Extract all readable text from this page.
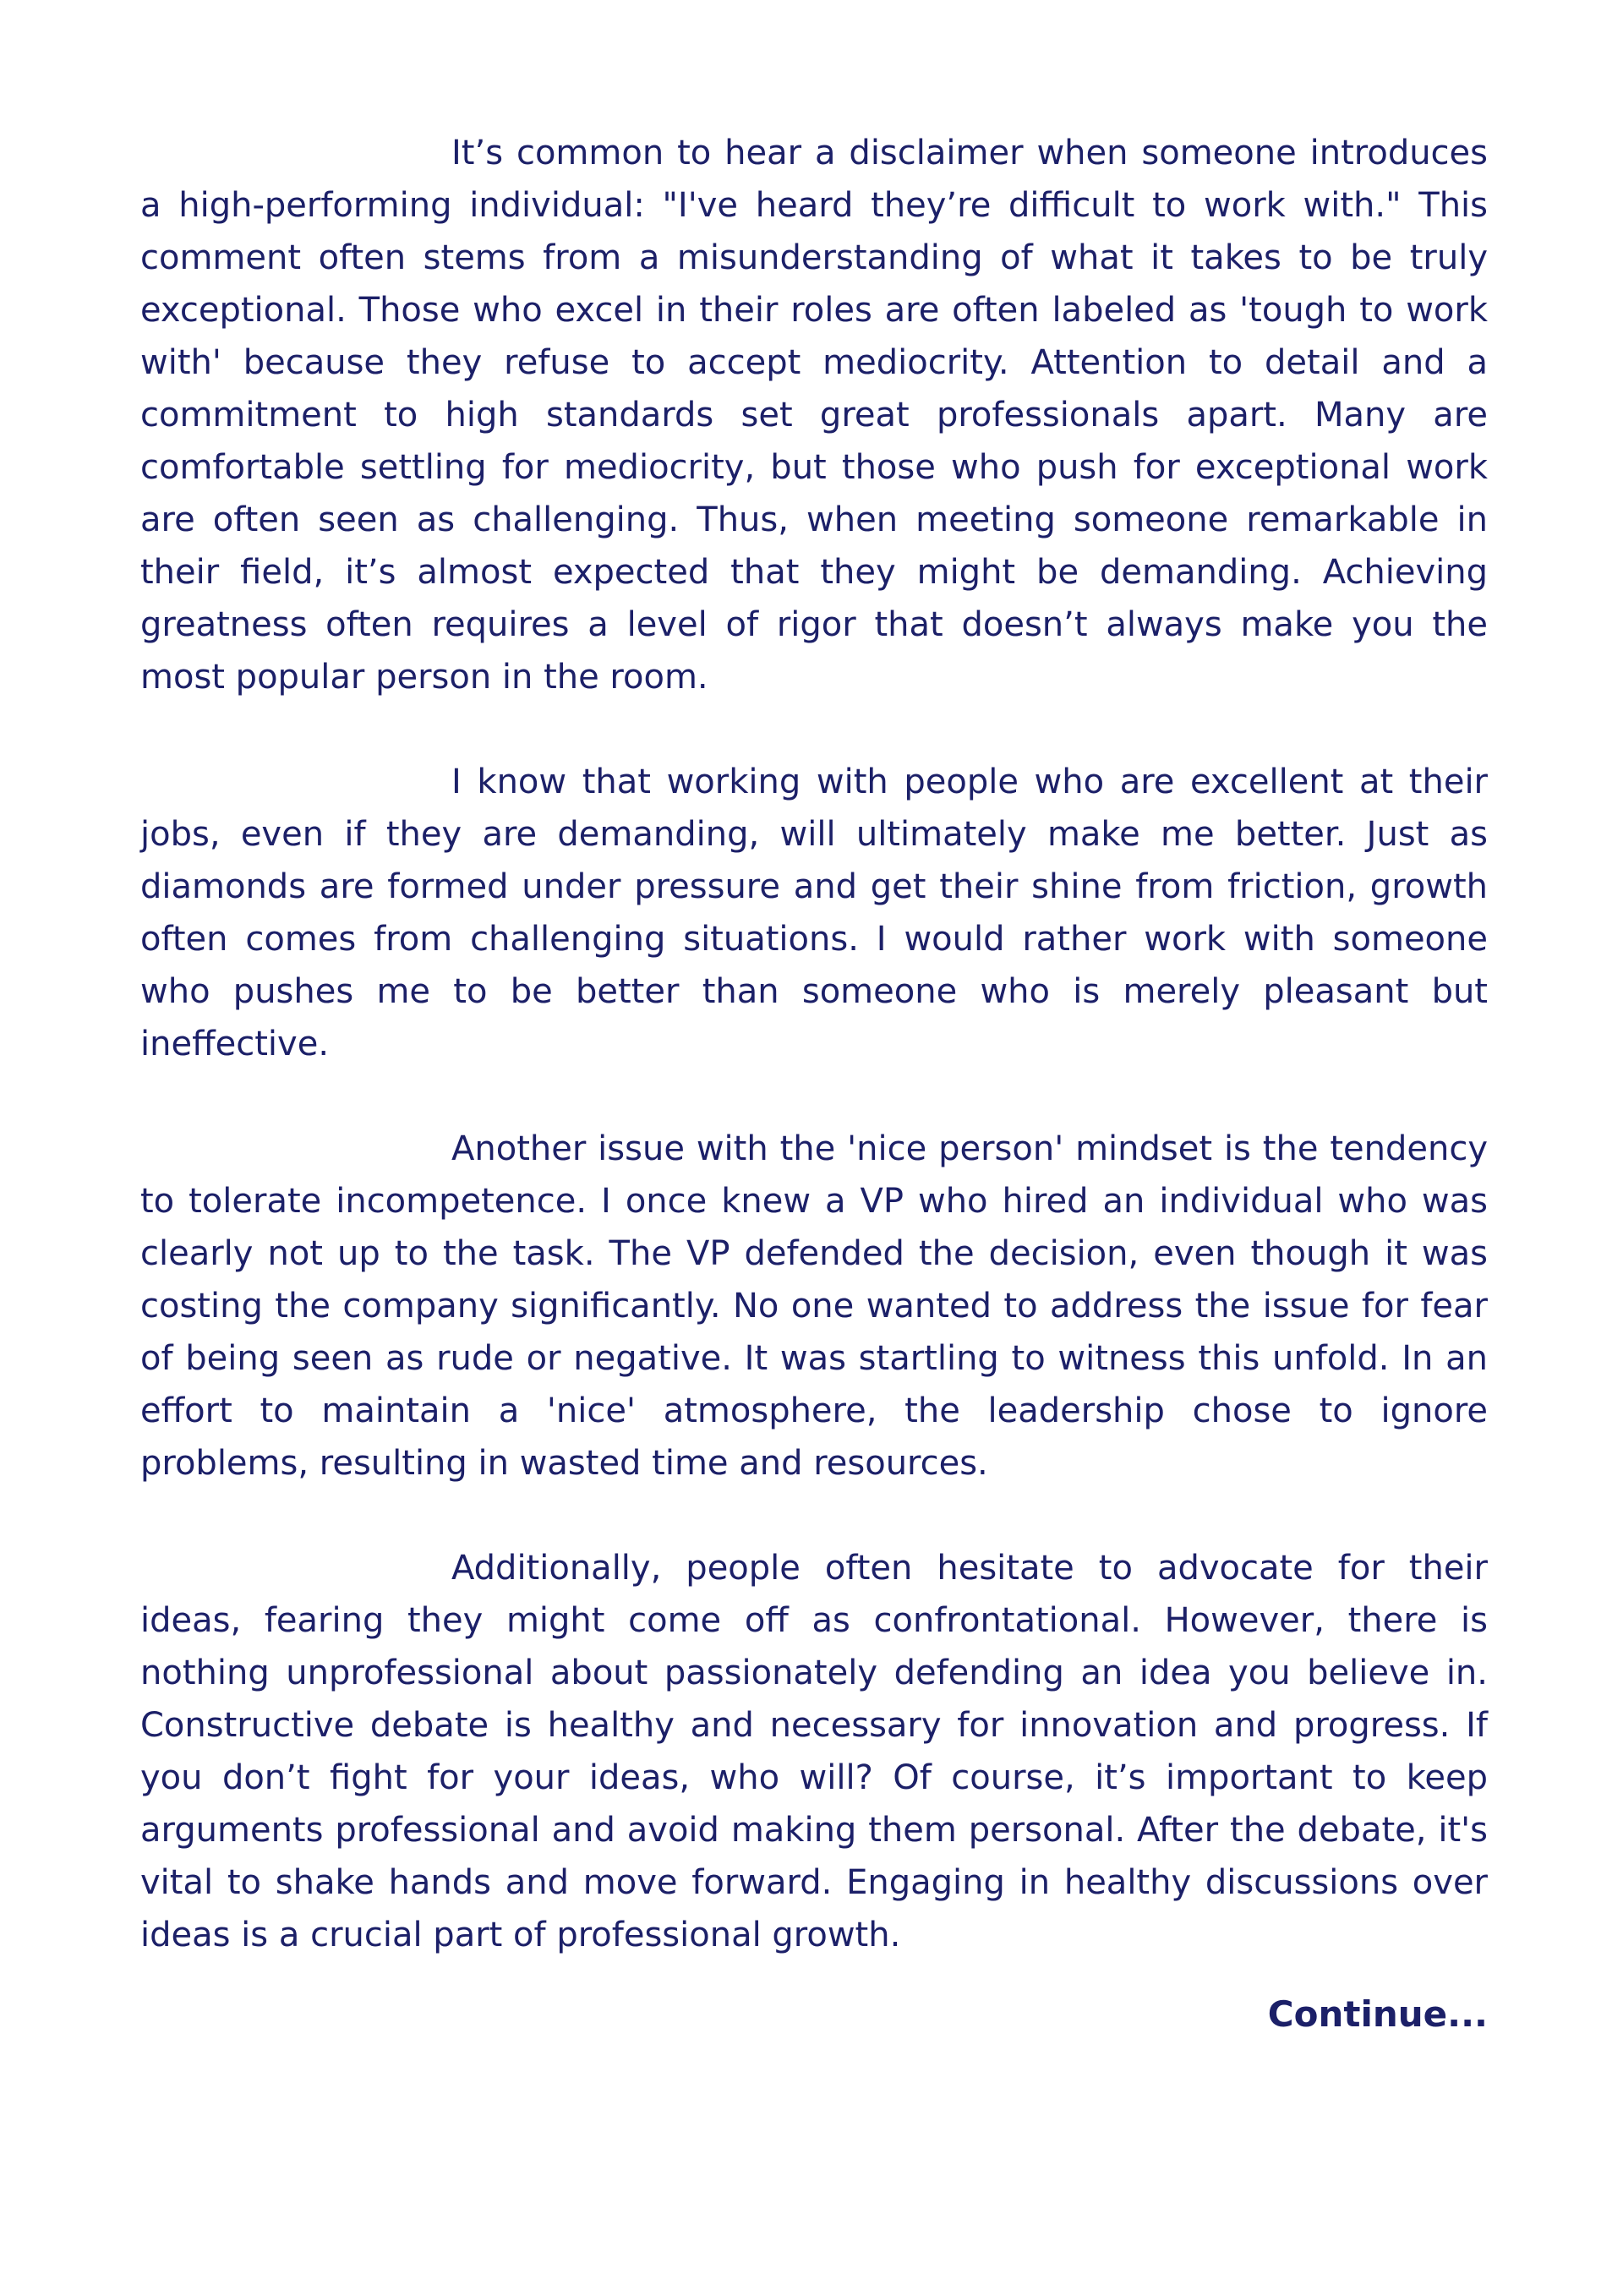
It’s common to hear a disclaimer when someone introduces a high-performing individual: "I've heard they’re difficult to work with." This comment often stems from a misunderstanding of what it takes to be truly exceptional. Those who excel in their roles are often labeled as 'tough to work with' because they refuse to accept mediocrity. Attention to detail and a commitment to high standards set great professionals apart. Many are comfortable settling for mediocrity, but those who push for exceptional work are often seen as challenging. Thus, when meeting someone remarkable in their field, it’s almost expected that they might be demanding. Achieving greatness often requires a level of rigor that doesn’t always make you the most popular person in the room.

I know that working with people who are excellent at their jobs, even if they are demanding, will ultimately make me better. Just as diamonds are formed under pressure and get their shine from friction, growth often comes from challenging situations. I would rather work with someone who pushes me to be better than someone who is merely pleasant but ineffective.

Another issue with the 'nice person' mindset is the tendency to tolerate incompetence. I once knew a VP who hired an individual who was clearly not up to the task. The VP defended the decision, even though it was costing the company significantly. No one wanted to address the issue for fear of being seen as rude or negative. It was startling to witness this unfold. In an effort to maintain a 'nice' atmosphere, the leadership chose to ignore problems, resulting in wasted time and resources.

Additionally, people often hesitate to advocate for their ideas, fearing they might come off as confrontational. However, there is nothing unprofessional about passionately defending an idea you believe in. Constructive debate is healthy and necessary for innovation and progress. If you don’t fight for your ideas, who will? Of course, it’s important to keep arguments professional and avoid making them personal. After the debate, it's vital to shake hands and move forward. Engaging in healthy discussions over ideas is a crucial part of professional growth.

Continue...
